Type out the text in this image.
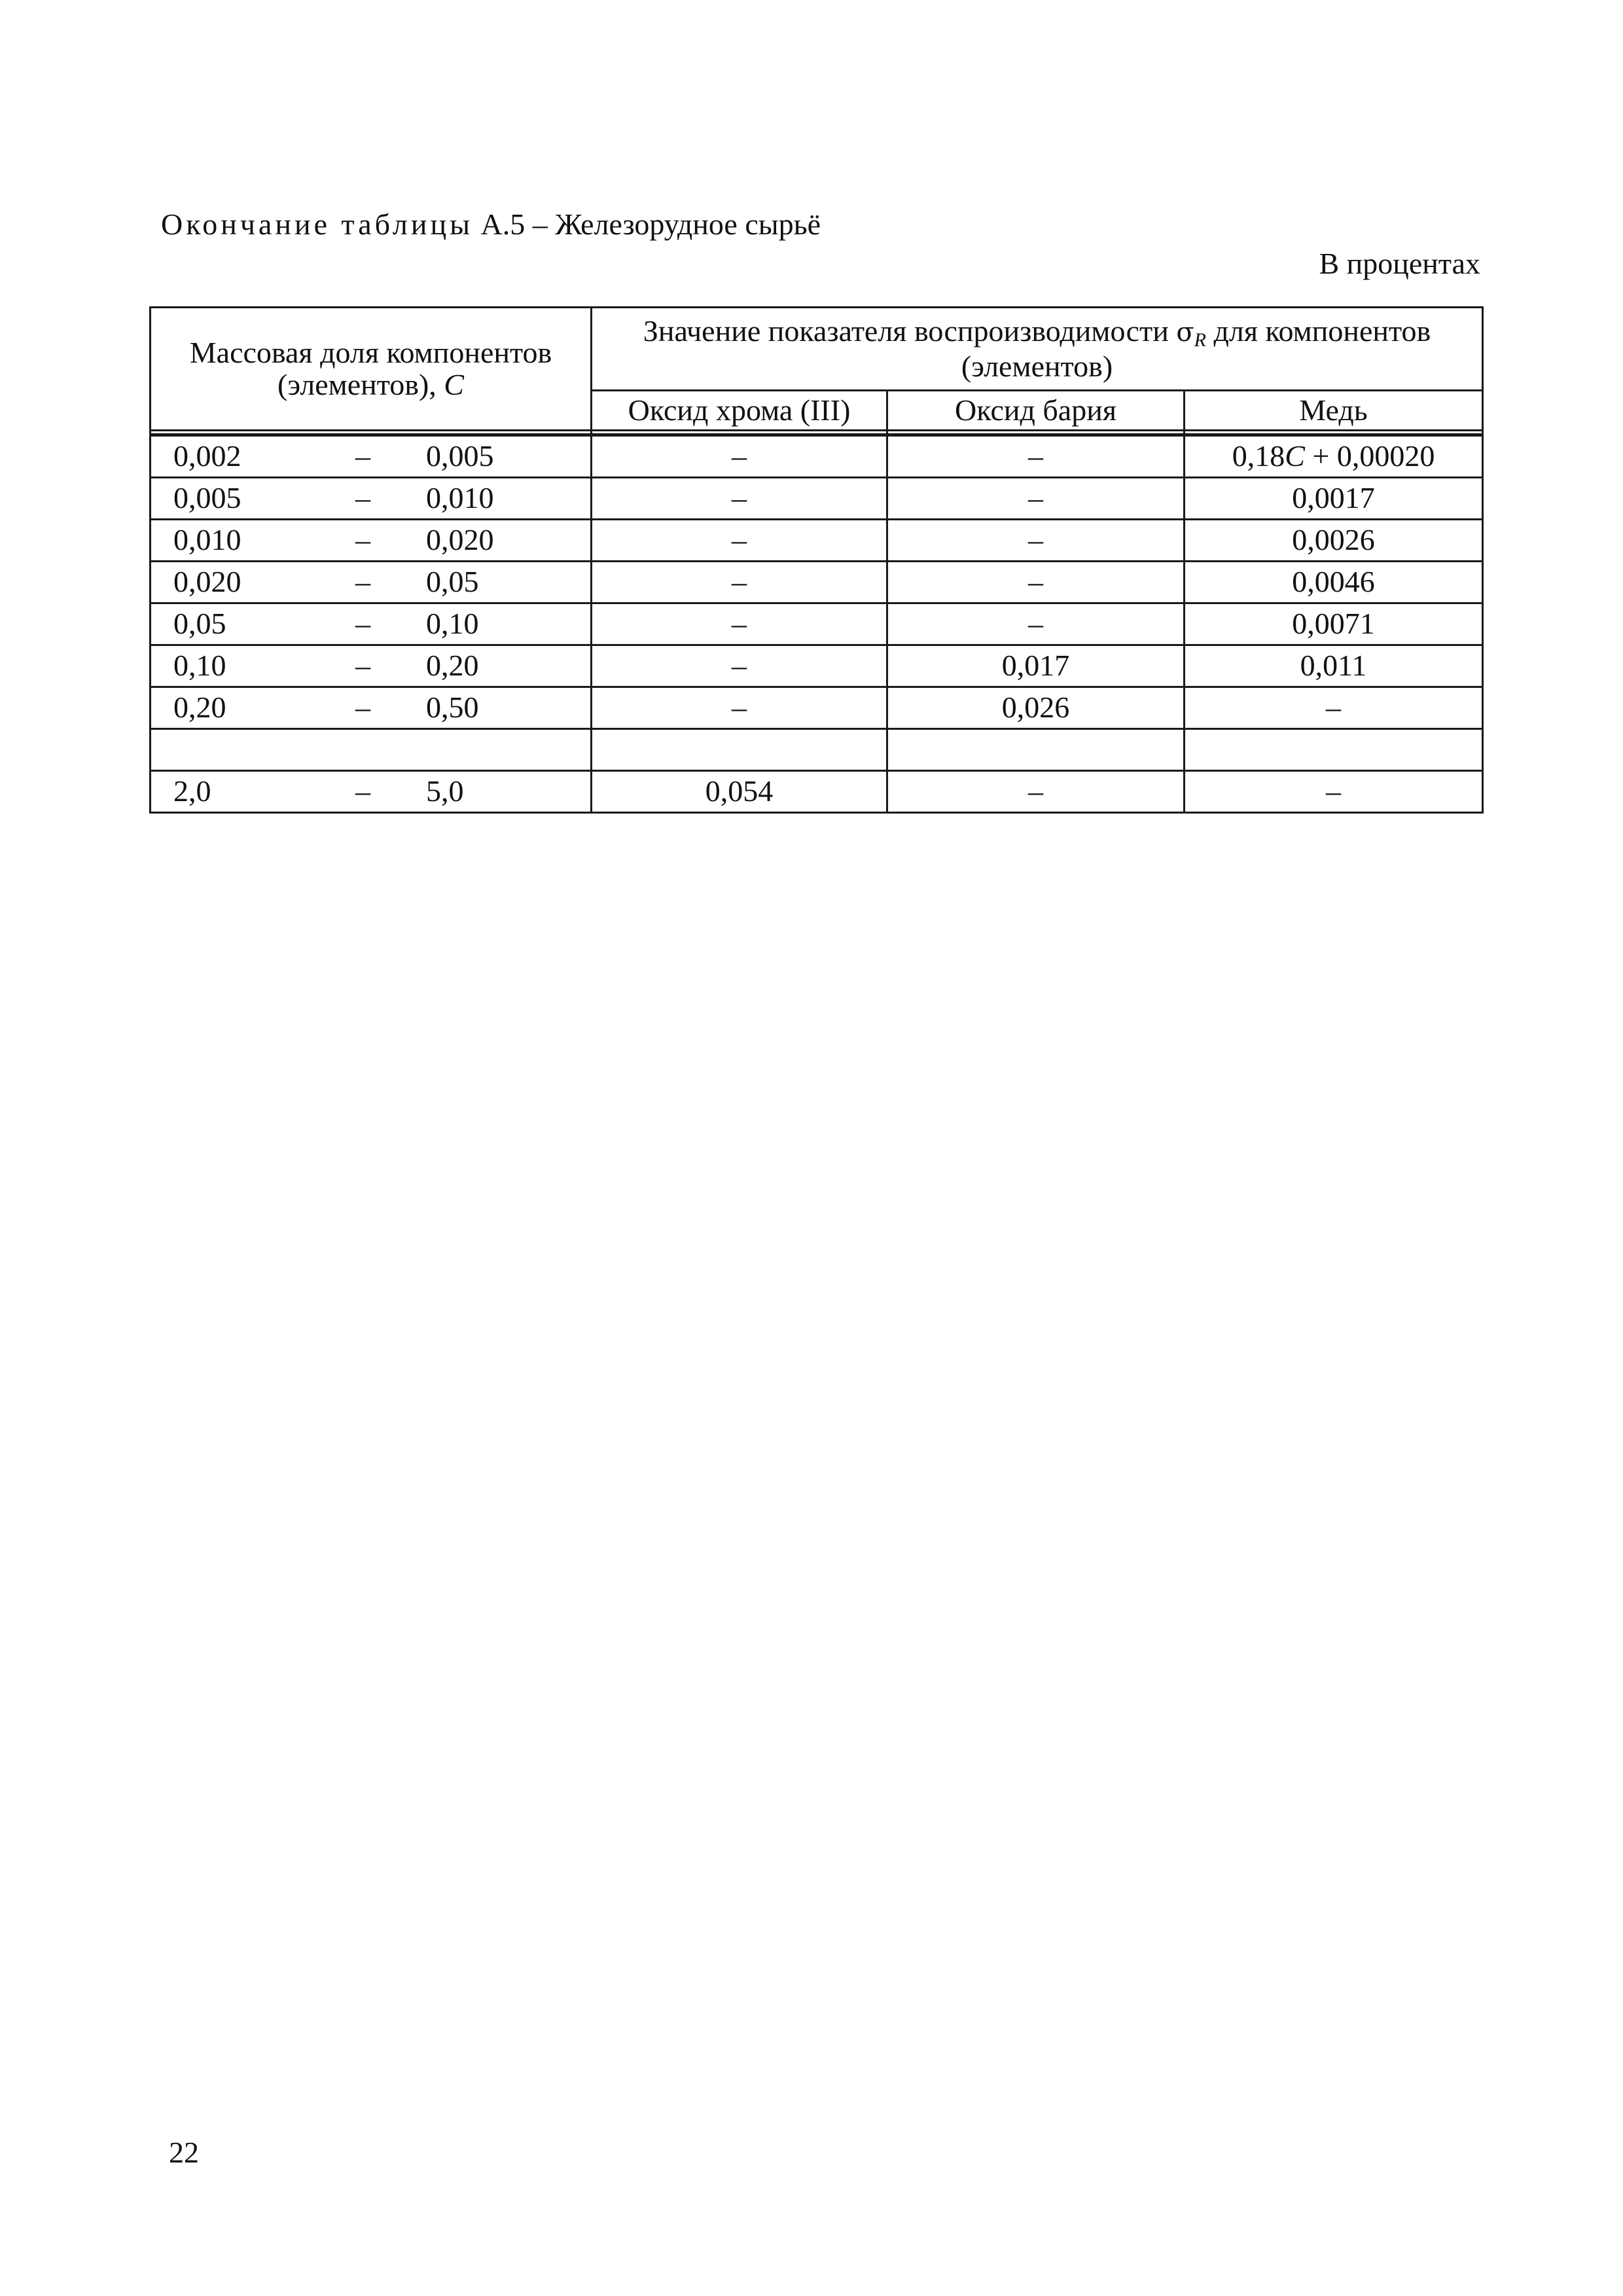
Окончание таблицы А.5 – Железорудное сырьё
В процентах
Массовая доля компонентов
(элементов), C	Значение показателя воспроизводимости $\sigma_R$ для компонентов (элементов)		
	Оксид хрома (III)	Оксид бария	Медь

0,002 – 0,005	–	–	0,18C + 0,00020

0,005 – 0,010	–	–	0,0017

0,010 – 0,020	–	–	0,0026

0,020 – 0,05	–	–	0,0046

0,05 – 0,10	–	–	0,0071

0,10 – 0,20	–	0,017	0,011

0,20 – 0,50	–	0,026	–

2,0 – 5,0	0,054	–	–
22
